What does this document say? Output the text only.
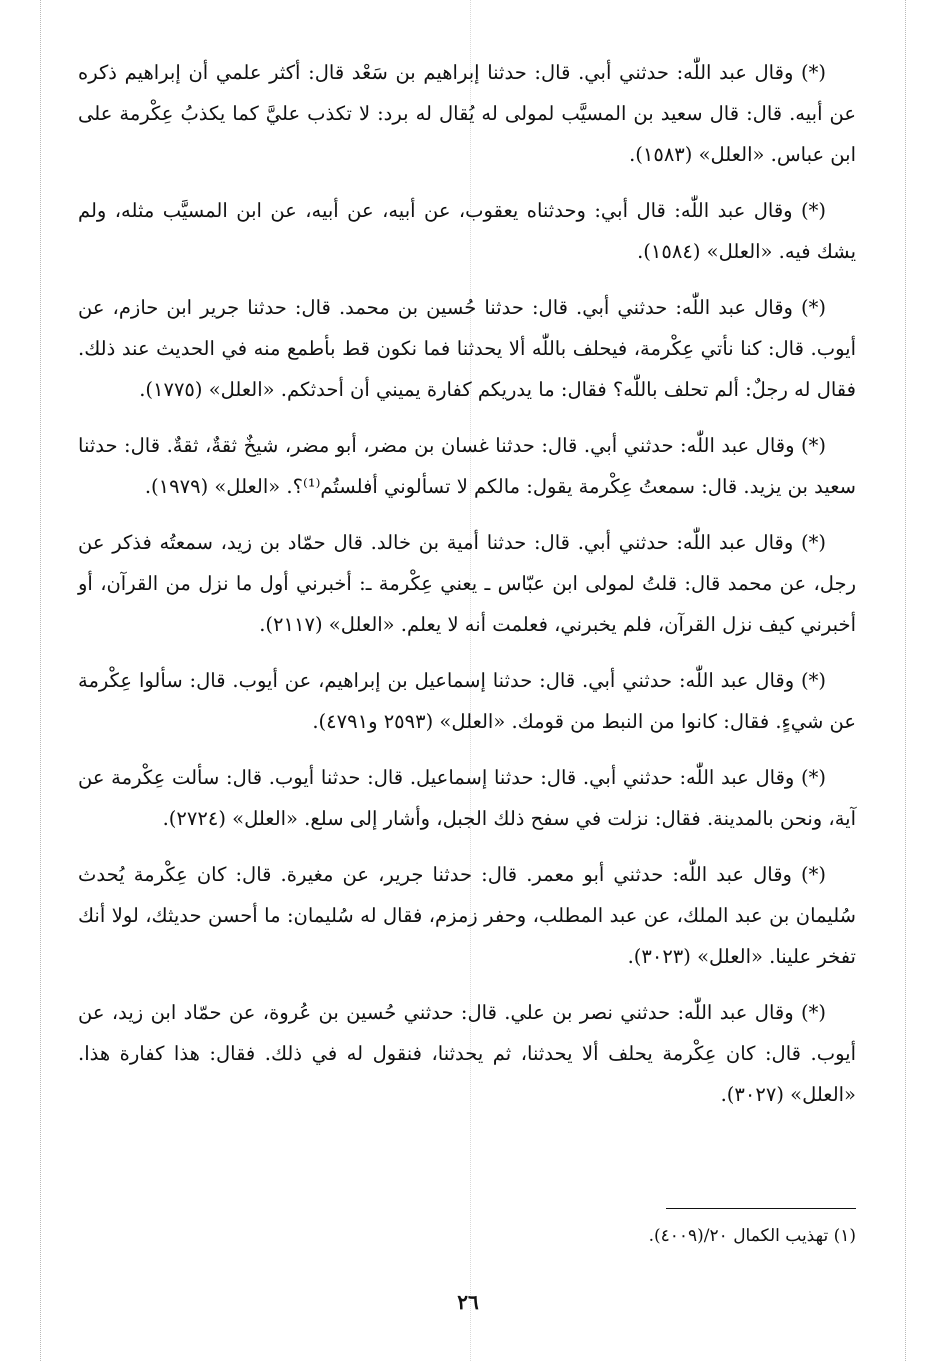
(*) وقال عبد اللّٰه: حدثني أبي. قال: حدثنا إبراهيم بن سَعْد قال: أكثر علمي أن إبراهيم ذكره عن أبيه. قال: قال سعيد بن المسيَّب لمولى له يُقال له برد: لا تكذب عليَّ كما يكذبُ عِكْرمة على ابن عباس. «العلل» (١٥٨٣).

(*) وقال عبد اللّٰه: قال أبي: وحدثناه يعقوب، عن أبيه، عن أبيه، عن ابن المسيَّب مثله، ولم يشك فيه. «العلل» (١٥٨٤).

(*) وقال عبد اللّٰه: حدثني أبي. قال: حدثنا حُسين بن محمد. قال: حدثنا جرير ابن حازم، عن أيوب. قال: كنا نأتي عِكْرمة، فيحلف باللّٰه ألا يحدثنا فما نكون قط بأطمع منه في الحديث عند ذلك. فقال له رجلٌ: ألم تحلف باللّٰه؟ فقال: ما يدريكم كفارة يميني أن أحدثكم. «العلل» (١٧٧٥).

(*) وقال عبد اللّٰه: حدثني أبي. قال: حدثنا غسان بن مضر، أبو مضر، شيخٌ ثقةٌ، ثقةٌ. قال: حدثنا سعيد بن يزيد. قال: سمعتُ عِكْرمة يقول: مالكم لا تسألوني أفلستُم⁽¹⁾؟. «العلل» (١٩٧٩).

(*) وقال عبد اللّٰه: حدثني أبي. قال: حدثنا أمية بن خالد. قال حمّاد بن زيد، سمعتُه فذكر عن رجل، عن محمد قال: قلتُ لمولى ابن عبّاس ـ يعني عِكْرمة ـ: أخبرني أول ما نزل من القرآن، أو أخبرني كيف نزل القرآن، فلم يخبرني، فعلمت أنه لا يعلم. «العلل» (٢١١٧).

(*) وقال عبد اللّٰه: حدثني أبي. قال: حدثنا إسماعيل بن إبراهيم، عن أيوب. قال: سألوا عِكْرمة عن شيءٍ. فقال: كانوا من النبط من قومك. «العلل» (٢٥٩٣ و٤٧٩١).

(*) وقال عبد اللّٰه: حدثني أبي. قال: حدثنا إسماعيل. قال: حدثنا أيوب. قال: سألت عِكْرمة عن آية، ونحن بالمدينة. فقال: نزلت في سفح ذلك الجبل، وأشار إلى سلع. «العلل» (٢٧٢٤).

(*) وقال عبد اللّٰه: حدثني أبو معمر. قال: حدثنا جرير، عن مغيرة. قال: كان عِكْرمة يُحدث سُليمان بن عبد الملك، عن عبد المطلب، وحفر زمزم، فقال له سُليمان: ما أحسن حديثك، لولا أنك تفخر علينا. «العلل» (٣٠٢٣).

(*) وقال عبد اللّٰه: حدثني نصر بن علي. قال: حدثني حُسين بن عُروة، عن حمّاد ابن زيد، عن أيوب. قال: كان عِكْرمة يحلف ألا يحدثنا، ثم يحدثنا، فنقول له في ذلك. فقال: هذا كفارة هذا. «العلل» (٣٠٢٧).

(١) تهذيب الكمال ٢٠/(٤٠٠٩).
٢٦
